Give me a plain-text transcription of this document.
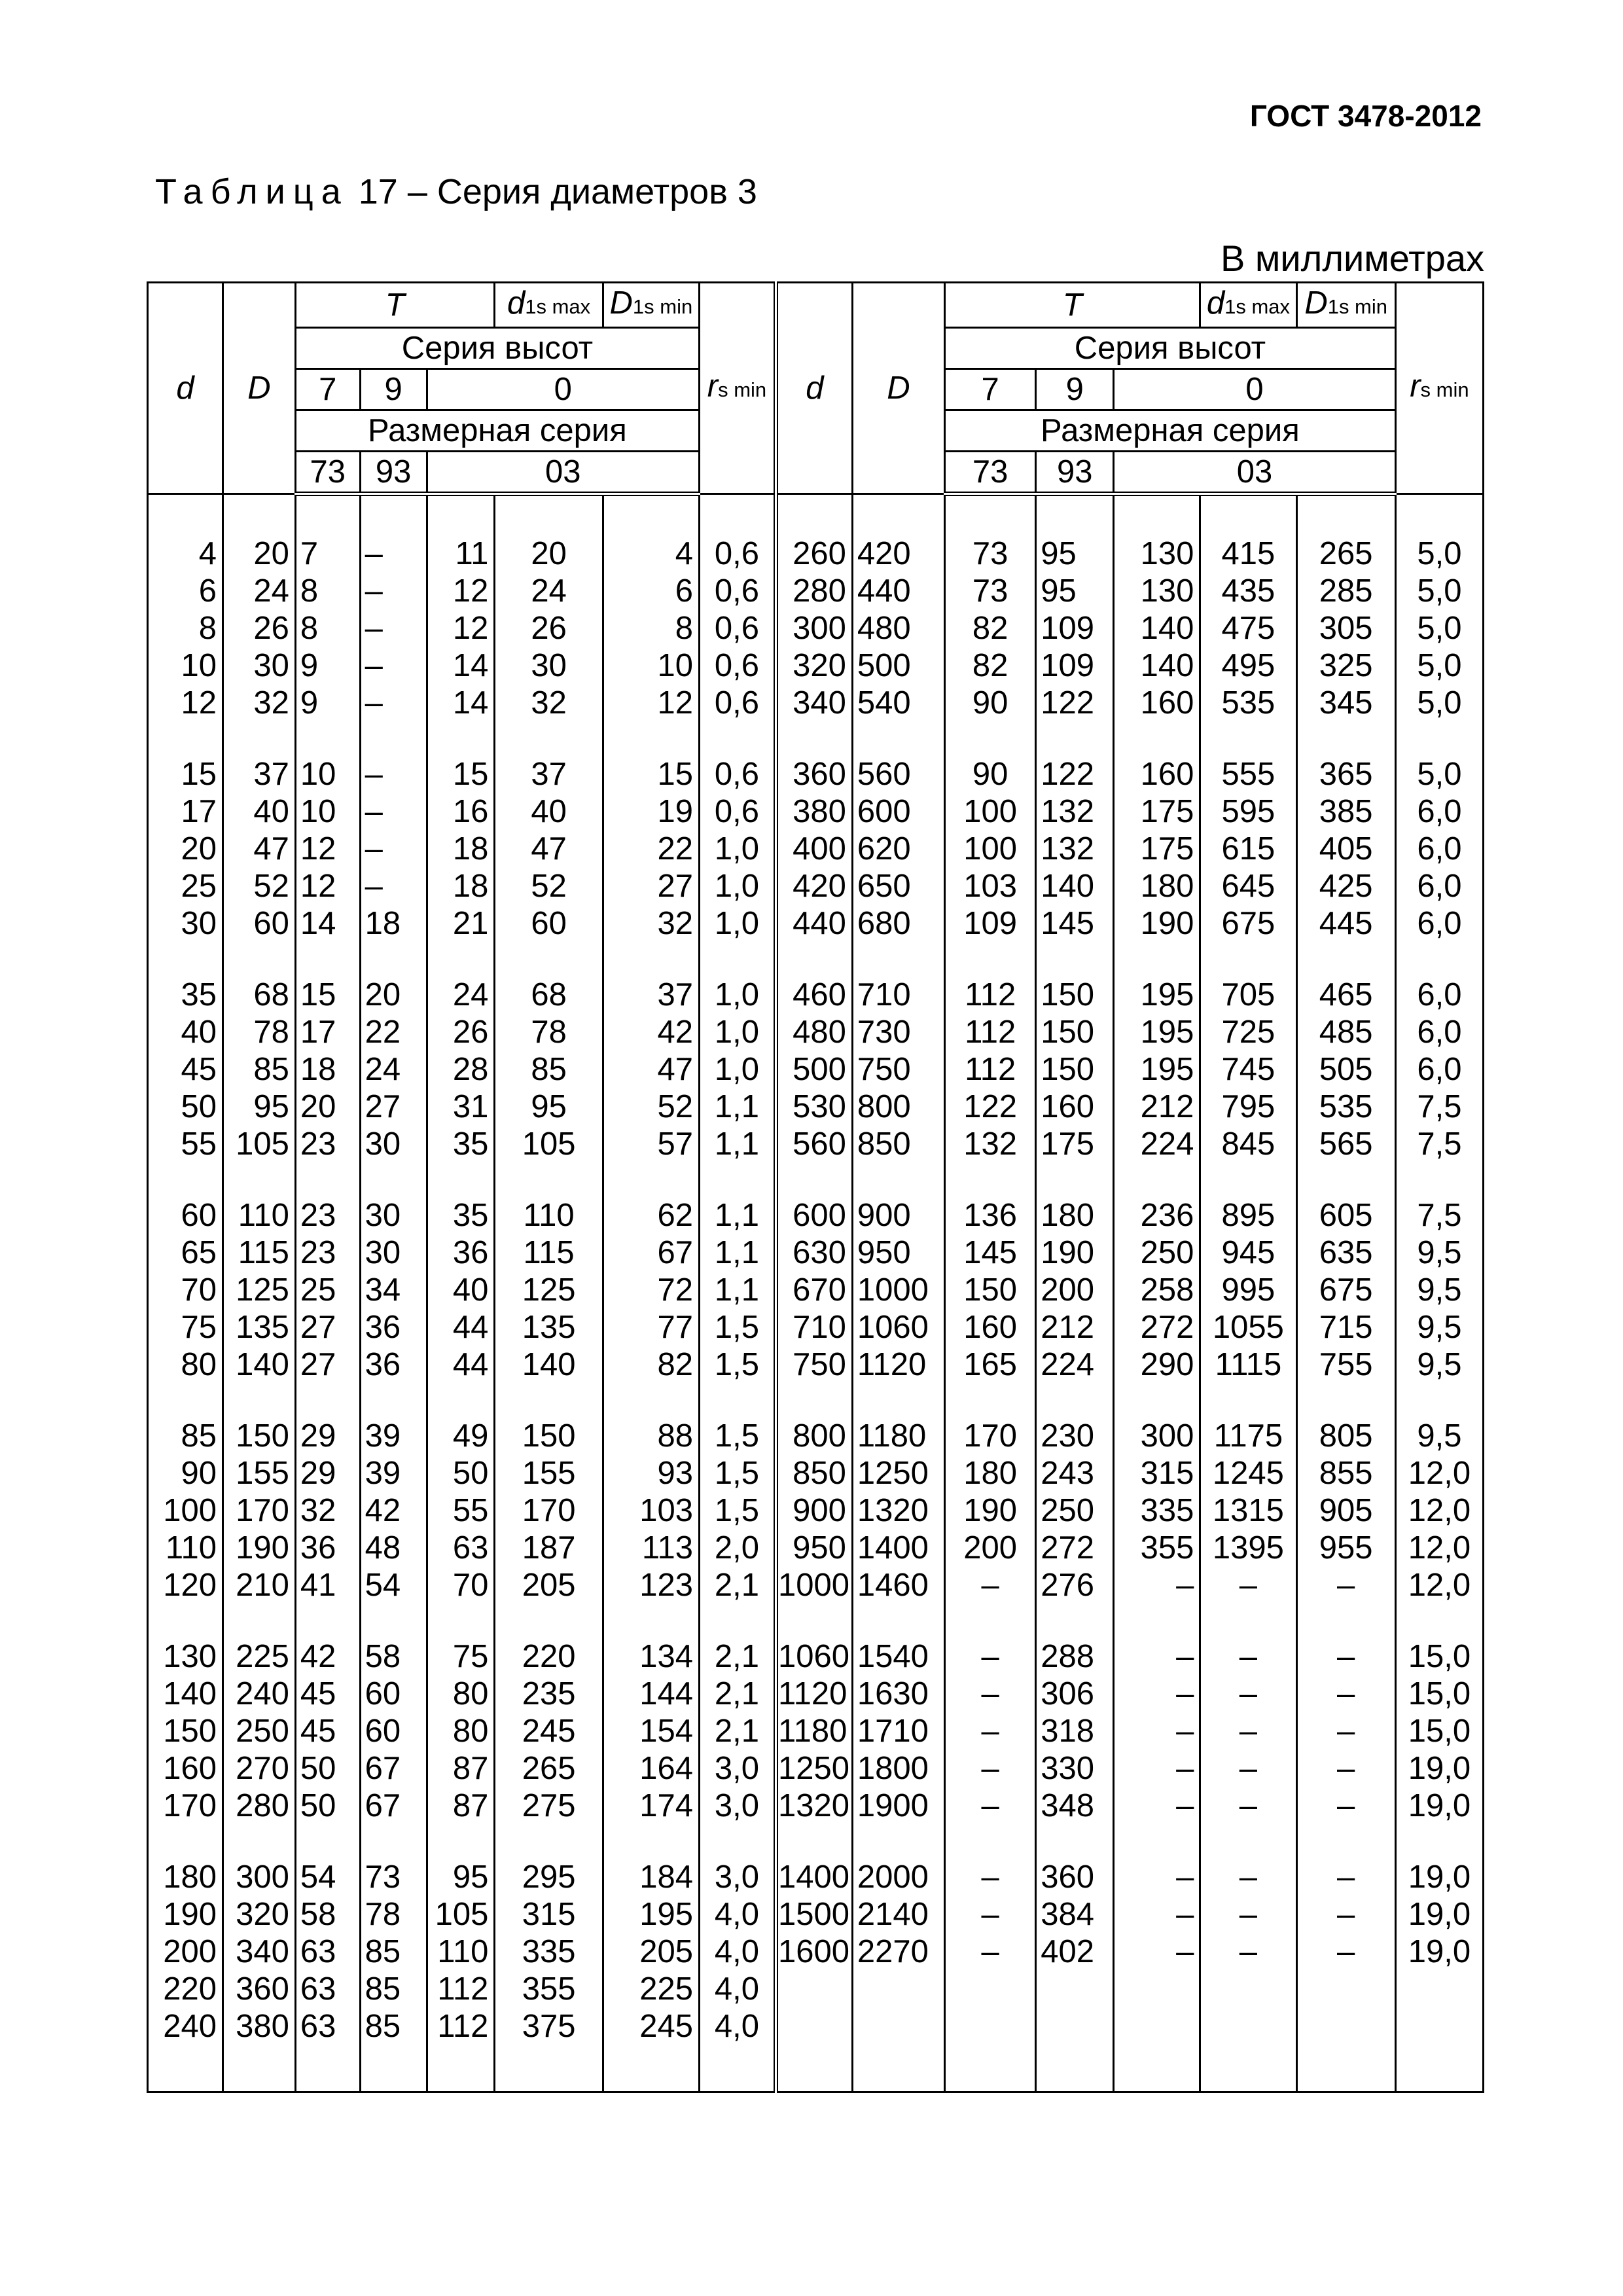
ГОСТ 3478-2012
Таблица 17 – Серия диаметров 3
В миллиметрах
d	D	T			d1s max	D1s min	rs min	d	D	T			d1s max	D1s min	rs min
		Серия высот								Серия высот					
		7	9	0						7	9	0			
		Размерная серия								Размерная серия					
		73	93	03						73	93	03			

4	20	7	–	11	20	4	0,6	260	420	73	95	130	415	265	5,0
6	24	8	–	12	24	6	0,6	280	440	73	95	130	435	285	5,0
8	26	8	–	12	26	8	0,6	300	480	82	109	140	475	305	5,0
10	30	9	–	14	30	10	0,6	320	500	82	109	140	495	325	5,0
12	32	9	–	14	32	12	0,6	340	540	90	122	160	535	345	5,0

15	37	10	–	15	37	15	0,6	360	560	90	122	160	555	365	5,0
17	40	10	–	16	40	19	0,6	380	600	100	132	175	595	385	6,0
20	47	12	–	18	47	22	1,0	400	620	100	132	175	615	405	6,0
25	52	12	–	18	52	27	1,0	420	650	103	140	180	645	425	6,0
30	60	14	18	21	60	32	1,0	440	680	109	145	190	675	445	6,0

35	68	15	20	24	68	37	1,0	460	710	112	150	195	705	465	6,0
40	78	17	22	26	78	42	1,0	480	730	112	150	195	725	485	6,0
45	85	18	24	28	85	47	1,0	500	750	112	150	195	745	505	6,0
50	95	20	27	31	95	52	1,1	530	800	122	160	212	795	535	7,5
55	105	23	30	35	105	57	1,1	560	850	132	175	224	845	565	7,5

60	110	23	30	35	110	62	1,1	600	900	136	180	236	895	605	7,5
65	115	23	30	36	115	67	1,1	630	950	145	190	250	945	635	9,5
70	125	25	34	40	125	72	1,1	670	1000	150	200	258	995	675	9,5
75	135	27	36	44	135	77	1,5	710	1060	160	212	272	1055	715	9,5
80	140	27	36	44	140	82	1,5	750	1120	165	224	290	1115	755	9,5

85	150	29	39	49	150	88	1,5	800	1180	170	230	300	1175	805	9,5
90	155	29	39	50	155	93	1,5	850	1250	180	243	315	1245	855	12,0
100	170	32	42	55	170	103	1,5	900	1320	190	250	335	1315	905	12,0
110	190	36	48	63	187	113	2,0	950	1400	200	272	355	1395	955	12,0
120	210	41	54	70	205	123	2,1	1000	1460	–	276	–	–	–	12,0

130	225	42	58	75	220	134	2,1	1060	1540	–	288	–	–	–	15,0
140	240	45	60	80	235	144	2,1	1120	1630	–	306	–	–	–	15,0
150	250	45	60	80	245	154	2,1	1180	1710	–	318	–	–	–	15,0
160	270	50	67	87	265	164	3,0	1250	1800	–	330	–	–	–	19,0
170	280	50	67	87	275	174	3,0	1320	1900	–	348	–	–	–	19,0

180	300	54	73	95	295	184	3,0	1400	2000	–	360	–	–	–	19,0
190	320	58	78	105	315	195	4,0	1500	2140	–	384	–	–	–	19,0
200	340	63	85	110	335	205	4,0	1600	2270	–	402	–	–	–	19,0
220	360	63	85	112	355	225	4,0								
240	380	63	85	112	375	245	4,0								
